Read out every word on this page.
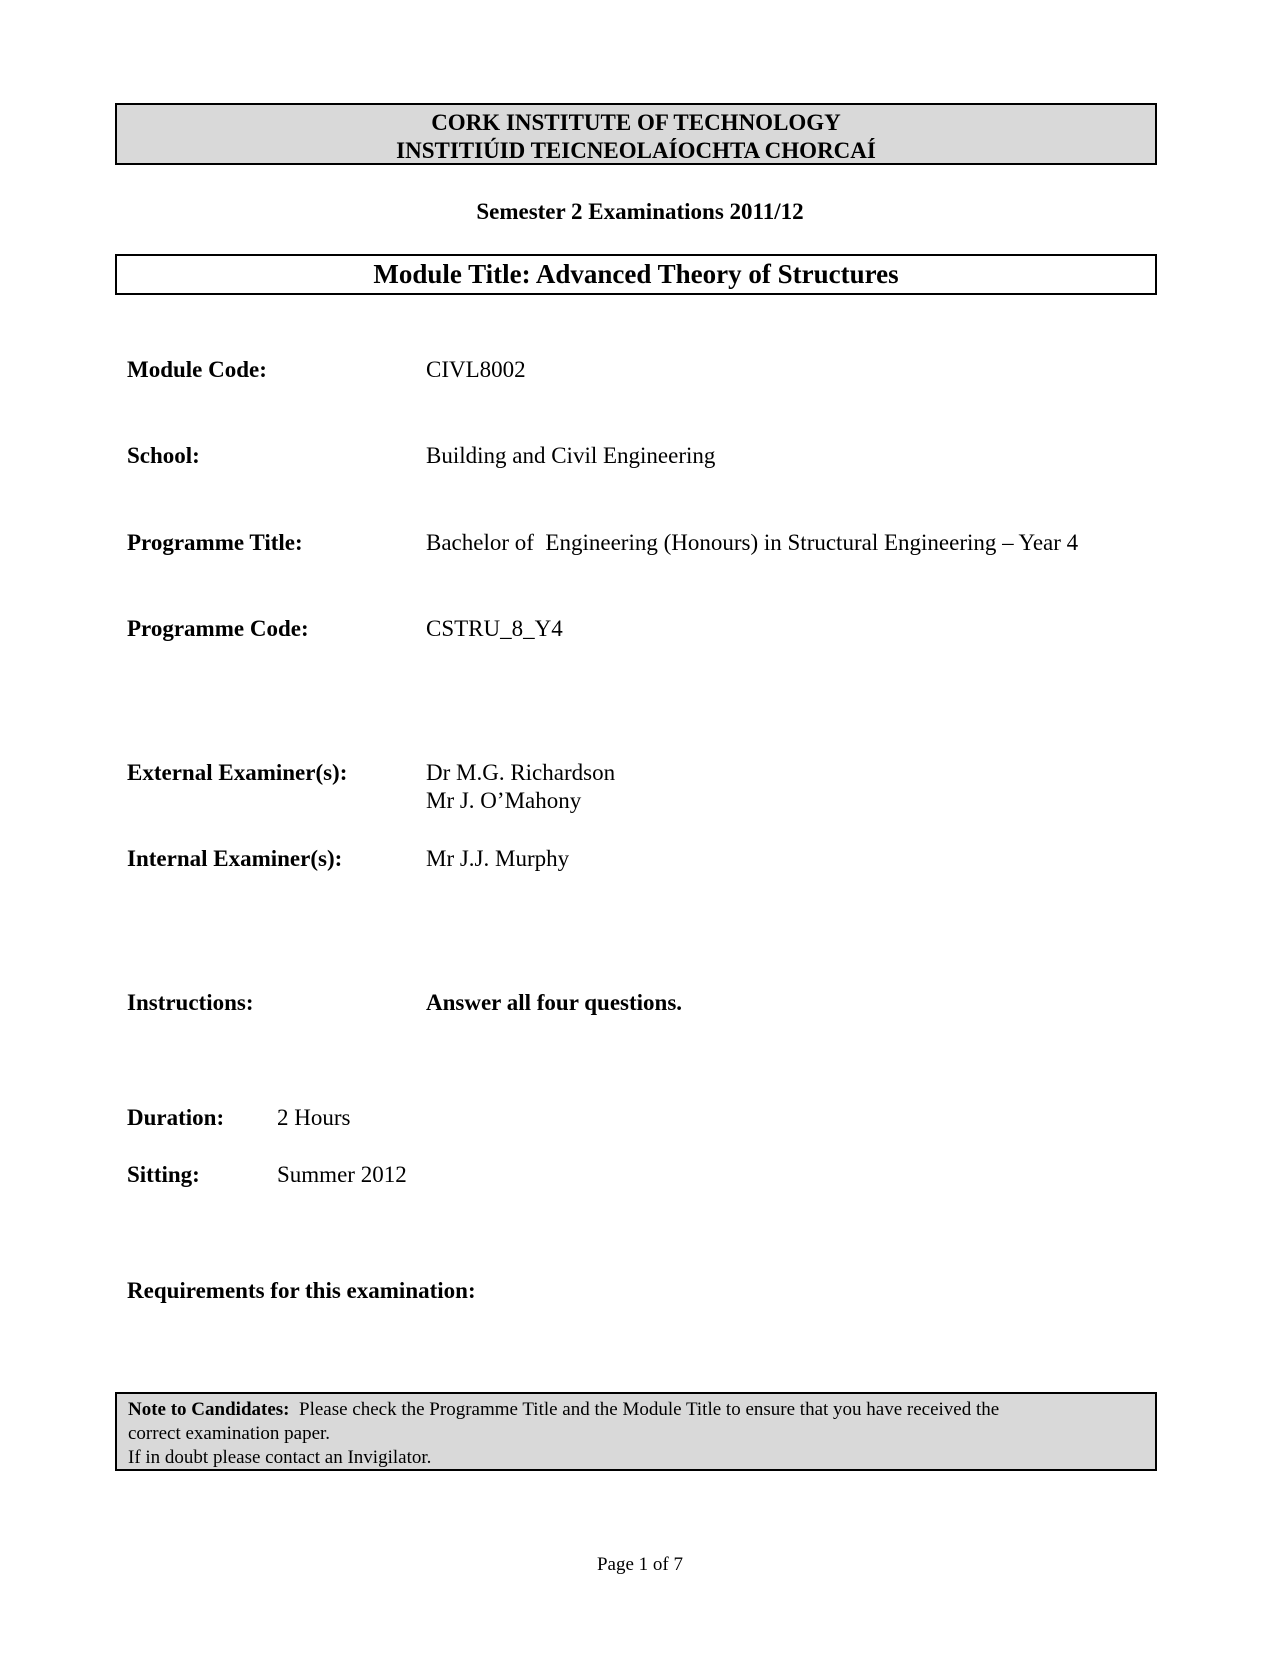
CORK INSTITUTE OF TECHNOLOGY
INSTITIÚID TEICNEOLAÍOCHTA CHORCAÍ
Semester 2 Examinations 2011/12
Module Title: Advanced Theory of Structures
Module Code:	CIVL8002
School:	Building and Civil Engineering
Programme Title:	Bachelor of  Engineering (Honours) in Structural Engineering – Year 4
Programme Code:	CSTRU_8_Y4
External Examiner(s):	Dr M.G. Richardson
Mr J. O’Mahony
Internal Examiner(s):	Mr J.J. Murphy
Instructions:	Answer all four questions.
Duration: 2 Hours
Sitting:	Summer 2012
Requirements for this examination:
Note to Candidates: Please check the Programme Title and the Module Title to ensure that you have received the
correct examination paper.
If in doubt please contact an Invigilator.
Page 1 of 7
